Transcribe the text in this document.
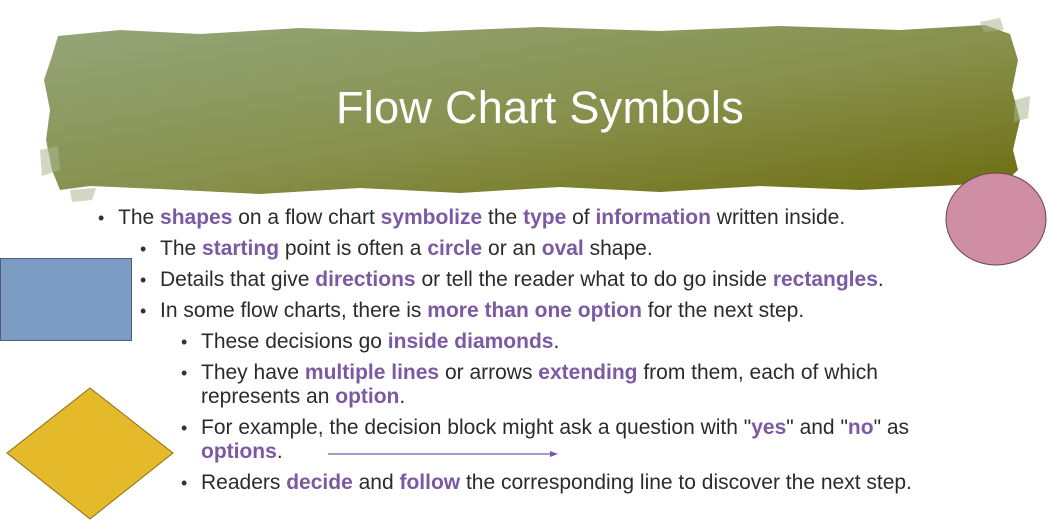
Flow Chart Symbols
• The shapes on a flow chart symbolize the type of information written inside.
• The starting point is often a circle or an oval shape.
• Details that give directions or tell the reader what to do go inside rectangles.
• In some flow charts, there is more than one option for the next step.
• These decisions go inside diamonds.
• They have multiple lines or arrows extending from them, each of which
represents an option.
• For example, the decision block might ask a question with "yes" and "no" as
options.
• Readers decide and follow the corresponding line to discover the next step.
